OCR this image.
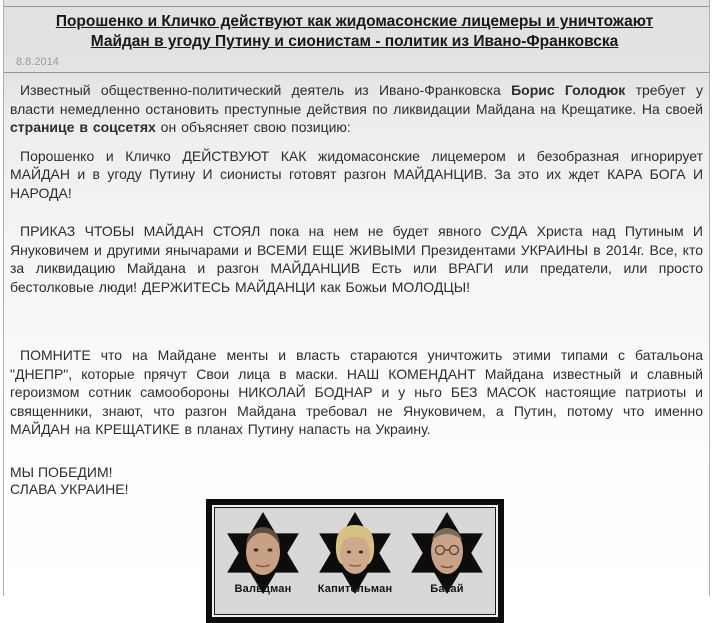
Порошенко и Кличко действуют как жидомасонские лицемеры и уничтожают Майдан в угоду Путину и сионистам - политик из Ивано-Франковска
8.8.2014

Известный общественно-политический деятель из Ивано-Франковска Борис Голодюк требует у власти немедленно остановить преступные действия по ликвидации Майдана на Крещатике. На своей странице в соцсетях он объясняет свою позицию:

Порошенко и Кличко ДЕЙСТВУЮТ КАК жидомасонские лицемером и безобразная игнорирует МАЙДАН и в угоду Путину И сионисты готовят разгон МАЙДАНЦИВ. За это их ждет КАРА БОГА И НАРОДА!

ПРИКАЗ ЧТОБЫ МАЙДАН СТОЯЛ пока на нем не будет явного СУДА Христа над Путиным И Януковичем и другими янычарами и ВСЕМИ ЕЩЕ ЖИВЫМИ Президентами УКРАИНЫ в 2014г. Все, кто за ликвидацию Майдана и разгон МАЙДАНЦИВ Есть или ВРАГИ или предатели, или просто бестолковые люди! ДЕРЖИТЕСЬ МАЙДАНЦИ как Божьи МОЛОДЦЫ!

ПОМНИТЕ что на Майдане менты и власть стараются уничтожить этими типами с батальона "ДНЕПР", которые прячут Свои лица в маски. НАШ КОМЕНДАНТ Майдана известный и славный героизмом сотник самообороны НИКОЛАЙ БОДНАР и у ньго БЕЗ МАСОК настоящие патриоты и священники, знают, что разгон Майдана требовал не Януковичем, а Путин, потому что именно МАЙДАН на КРЕЩАТИКЕ в планах Путину напасть на Украину.

МЫ ПОБЕДИМ!
СЛАВА УКРАИНЕ!
Вальцман	Капительман	Бакай
